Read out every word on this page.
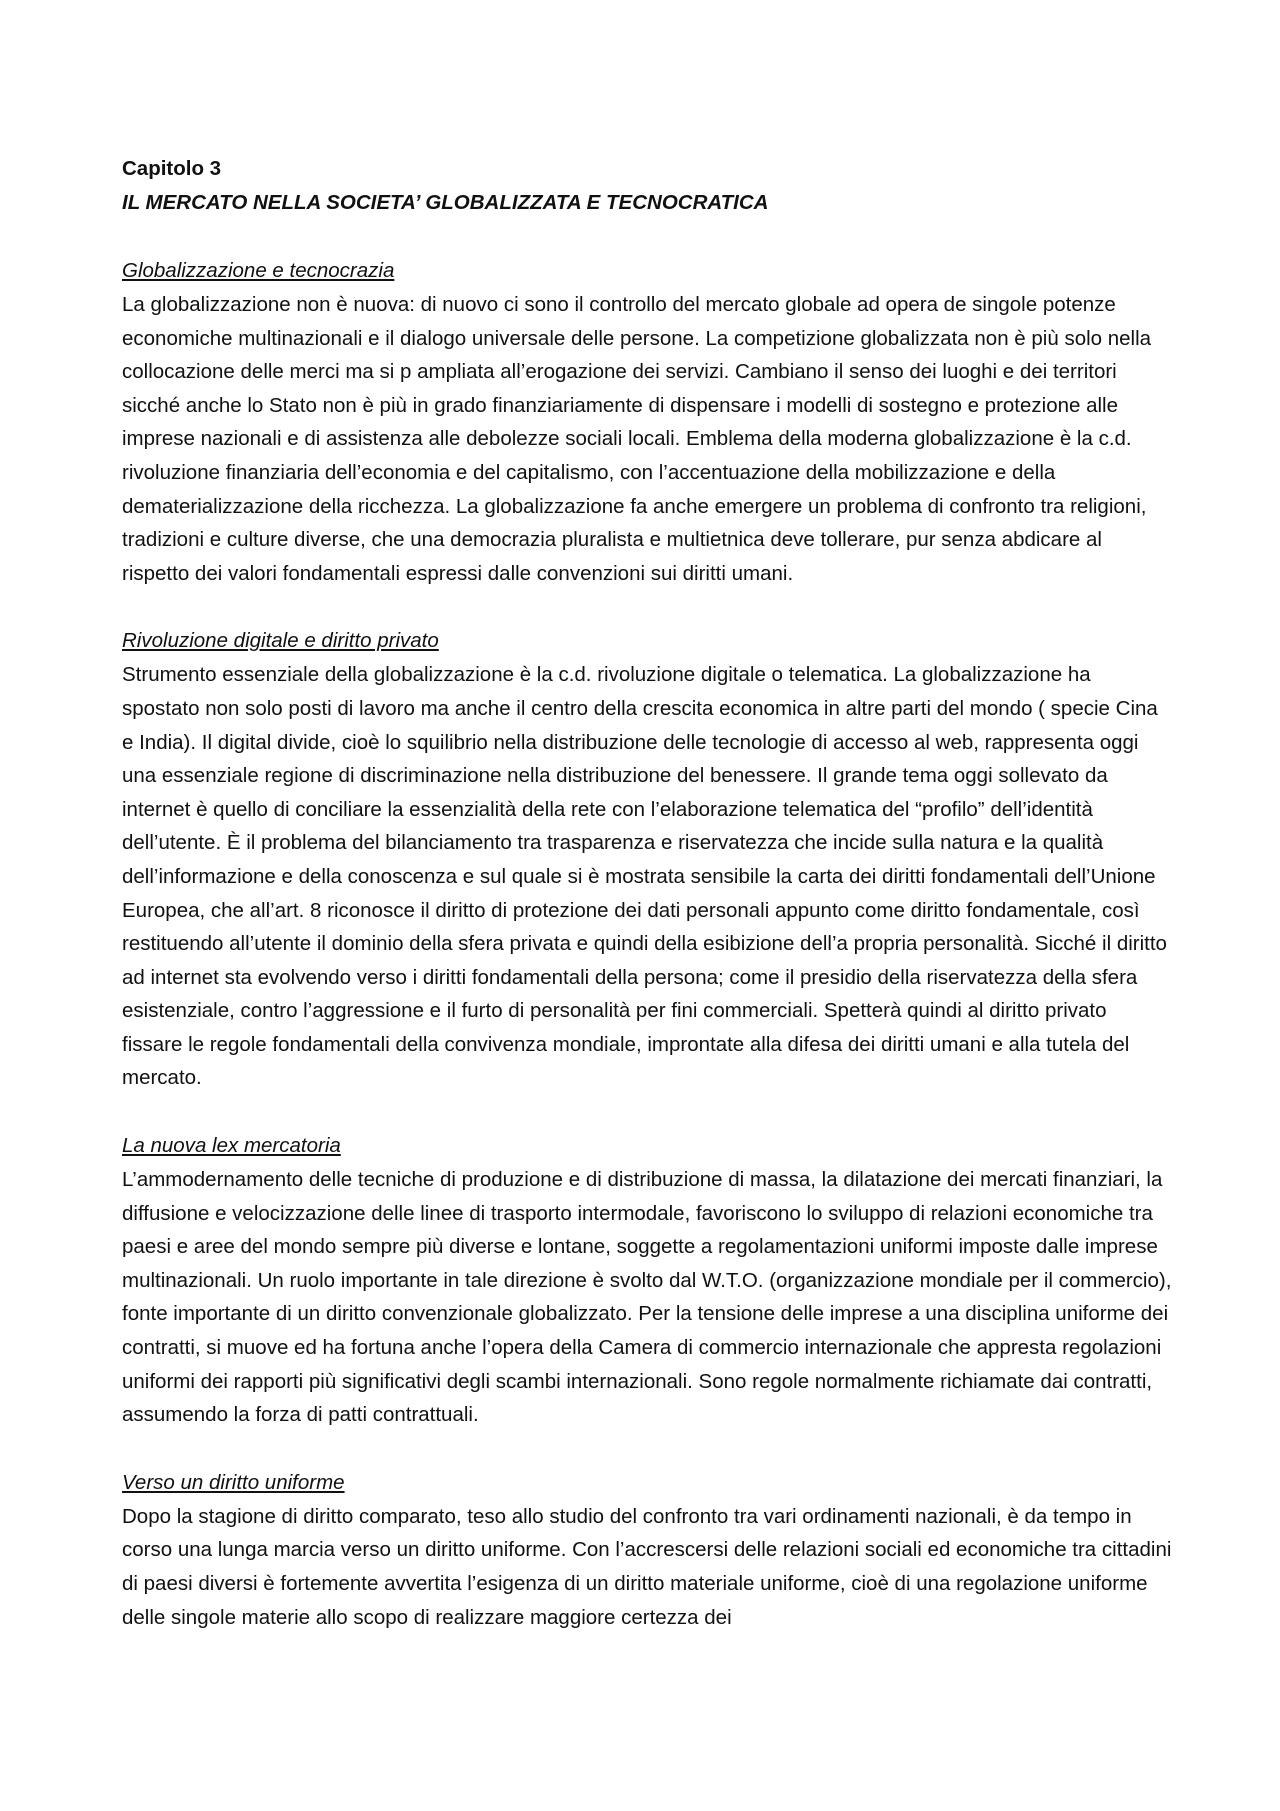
Capitolo 3

IL MERCATO NELLA SOCIETA’ GLOBALIZZATA E TECNOCRATICA

Globalizzazione e tecnocrazia

La globalizzazione non è nuova: di nuovo ci sono il controllo del mercato globale ad opera de singole potenze economiche multinazionali e il dialogo universale delle persone. La competizione globalizzata non è più solo nella collocazione delle merci ma si p ampliata all’erogazione dei servizi. Cambiano il senso dei luoghi e dei territori sicché anche lo Stato non è più in grado finanziariamente di dispensare i modelli di sostegno e protezione alle imprese nazionali e di assistenza alle debolezze sociali locali. Emblema della moderna globalizzazione è la c.d. rivoluzione finanziaria dell’economia e del capitalismo, con l’accentuazione della mobilizzazione e della dematerializzazione della ricchezza. La globalizzazione fa anche emergere un problema di confronto tra religioni, tradizioni e culture diverse, che una democrazia pluralista e multietnica deve tollerare, pur senza abdicare al rispetto dei valori fondamentali espressi dalle convenzioni sui diritti umani.

Rivoluzione digitale e diritto privato

Strumento essenziale della globalizzazione è la c.d. rivoluzione digitale o telematica. La globalizzazione ha spostato non solo posti di lavoro ma anche il centro della crescita economica in altre parti del mondo ( specie Cina e India). Il digital divide, cioè lo squilibrio nella distribuzione delle tecnologie di accesso al web, rappresenta oggi una essenziale regione di discriminazione nella distribuzione del benessere. Il grande tema oggi sollevato da internet è quello di conciliare la essenzialità della rete con l’elaborazione telematica del “profilo” dell’identità dell’utente. È il problema del bilanciamento tra trasparenza e riservatezza che incide sulla natura e la qualità dell’informazione e della conoscenza e sul quale si è mostrata sensibile la carta dei diritti fondamentali dell’Unione Europea, che all’art. 8 riconosce il diritto di protezione dei dati personali appunto come diritto fondamentale, così restituendo all’utente il dominio della sfera privata e quindi della esibizione dell’a propria personalità. Sicché il diritto ad internet sta evolvendo verso i diritti fondamentali della persona; come il presidio della riservatezza della sfera esistenziale, contro l’aggressione e il furto di personalità per fini commerciali. Spetterà quindi al diritto privato fissare le regole fondamentali della convivenza mondiale, improntate alla difesa dei diritti umani e alla tutela del mercato.

La nuova lex mercatoria

L’ammodernamento delle tecniche di produzione e di distribuzione di massa, la dilatazione dei mercati finanziari, la diffusione e velocizzazione delle linee di trasporto intermodale, favoriscono lo sviluppo di relazioni economiche tra paesi e aree del mondo sempre più diverse e lontane, soggette a regolamentazioni uniformi imposte dalle imprese multinazionali. Un ruolo importante in tale direzione è svolto dal W.T.O. (organizzazione mondiale per il commercio), fonte importante di un diritto convenzionale globalizzato. Per la tensione delle imprese a una disciplina uniforme dei contratti, si muove ed ha fortuna anche l’opera della Camera di commercio internazionale che appresta regolazioni uniformi dei rapporti più significativi degli scambi internazionali. Sono regole normalmente richiamate dai contratti, assumendo la forza di patti contrattuali.

Verso un diritto uniforme

Dopo la stagione di diritto comparato, teso allo studio del confronto tra vari ordinamenti nazionali, è da tempo in corso una lunga marcia verso un diritto uniforme. Con l’accrescersi delle relazioni sociali ed economiche tra cittadini di paesi diversi è fortemente avvertita l’esigenza di un diritto materiale uniforme, cioè di una regolazione uniforme delle singole materie allo scopo di realizzare maggiore certezza dei
